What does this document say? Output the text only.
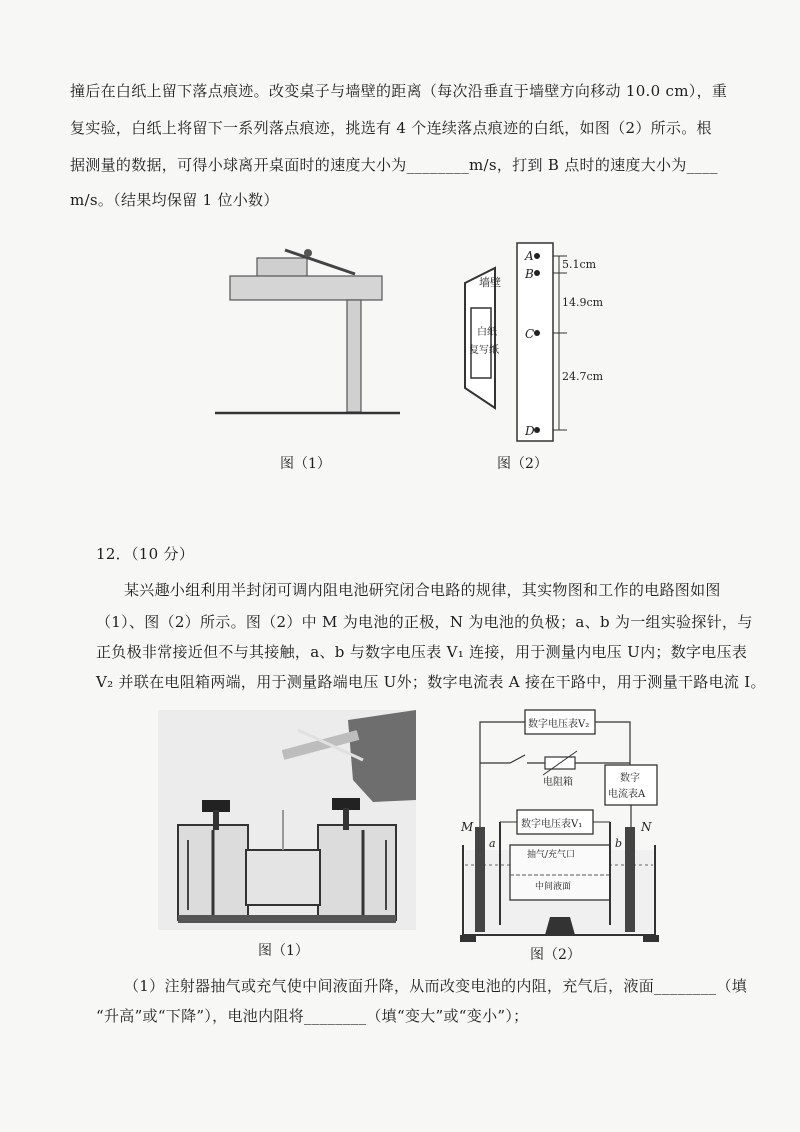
撞后在白纸上留下落点痕迹。改变桌子与墙壁的距离（每次沿垂直于墙壁方向移动 10.0 cm），重
复实验，白纸上将留下一系列落点痕迹，挑选有 4 个连续落点痕迹的白纸，如图（2）所示。根
据测量的数据，可得小球离开桌面时的速度大小为________m/s，打到 B 点时的速度大小为____
m/s。（结果均保留 1 位小数）
图（1）
墙壁
白纸
复写纸
A
B
C
D
5.1cm
14.9cm
24.7cm
图（2）
12．（10 分）
某兴趣小组利用半封闭可调内阻电池研究闭合电路的规律，其实物图和工作的电路图如图
（1）、图（2）所示。图（2）中 M 为电池的正极，N 为电池的负极；a、b 为一组实验探针，与
正负极非常接近但不与其接触，a、b 与数字电压表 V₁ 连接，用于测量内电压 U内；数字电压表
V₂ 并联在电阻箱两端，用于测量路端电压 U外；数字电流表 A 接在干路中，用于测量干路电流 I。
图（1）
数字电压表V₂
电阻箱	数字
电流表A
数字电压表V₁
抽气/充气口
中间液面
M	N
a	b
图（2）
（1）注射器抽气或充气使中间液面升降，从而改变电池的内阻，充气后，液面________（填
“升高”或“下降”），电池内阻将________（填“变大”或“变小”）；
